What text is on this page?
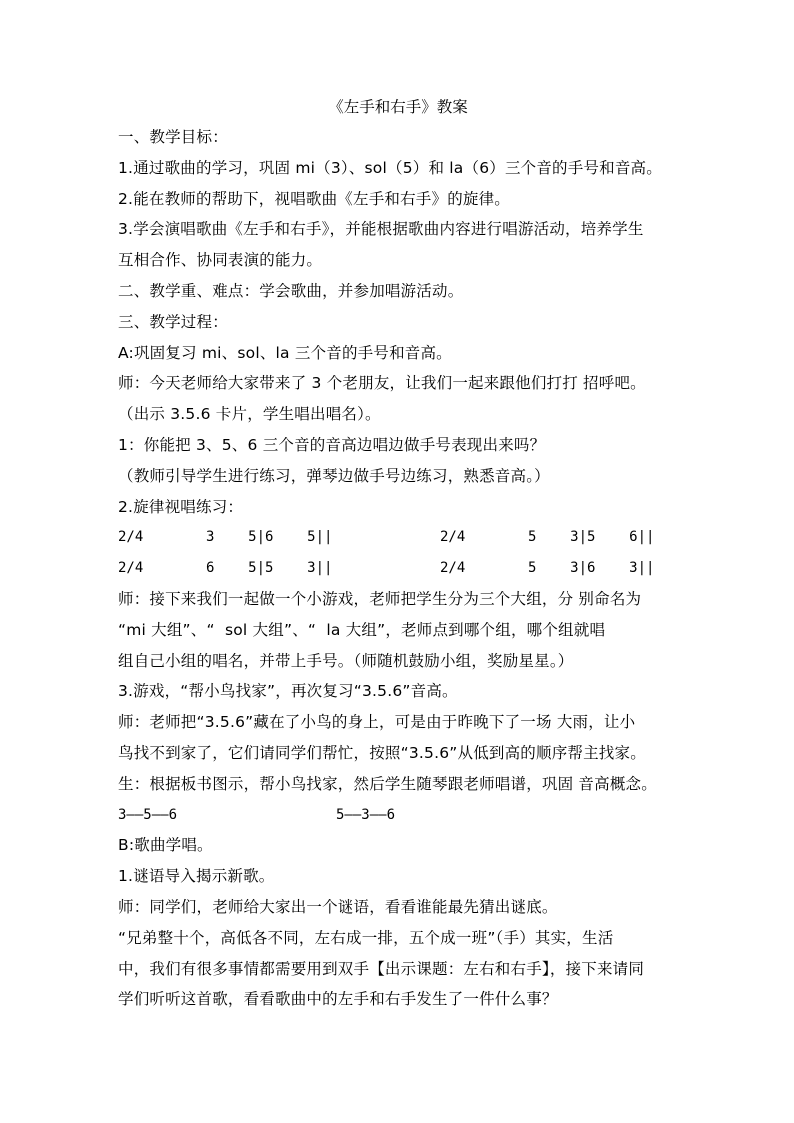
《左手和右手》教案

一、教学目标：

1.通过歌曲的学习，巩固 mi（3）、sol（5）和 la（6）三个音的手号和音高。

2.能在教师的帮助下，视唱歌曲《左手和右手》的旋律。

3.学会演唱歌曲《左手和右手》，并能根据歌曲内容进行唱游活动，培养学生

互相合作、协同表演的能力。

二、教学重、难点：学会歌曲，并参加唱游活动。

三、教学过程：

A:巩固复习 mi、sol、la 三个音的手号和音高。

师：今天老师给大家带来了 3 个老朋友，让我们一起来跟他们打打 招呼吧。

（出示 3.5.6 卡片，学生唱出唱名）。

1：你能把 3、5、6 三个音的音高边唱边做手号表现出来吗？

（教师引导学生进行练习，弹琴边做手号边练习，熟悉音高。）

2.旋律视唱练习：

2/4	3    5|6    5||	2/4	5    3|5    6||
2/4	6    5|5    3||	2/4	5    3|6    3||

师：接下来我们一起做一个小游戏，老师把学生分为三个大组，分 别命名为

“mi 大组”、“  sol 大组”、“  la 大组”，老师点到哪个组，哪个组就唱

组自己小组的唱名，并带上手号。（师随机鼓励小组，奖励星星。）

3.游戏，“帮小鸟找家”，再次复习“3.5.6”音高。

师：老师把“3.5.6”藏在了小鸟的身上，可是由于昨晚下了一场 大雨，让小

鸟找不到家了，它们请同学们帮忙，按照“3.5.6”从低到高的顺序帮主找家。

生：根据板书图示，帮小鸟找家，然后学生随琴跟老师唱谱，巩固 音高概念。

3——5——6	5——3——6

B:歌曲学唱。

1.谜语导入揭示新歌。

师：同学们，老师给大家出一个谜语，看看谁能最先猜出谜底。

“兄弟整十个，高低各不同，左右成一排，五个成一班”（手）其实，生活

中，我们有很多事情都需要用到双手【出示课题：左右和右手】，接下来请同

学们听听这首歌，看看歌曲中的左手和右手发生了一件什么事？
